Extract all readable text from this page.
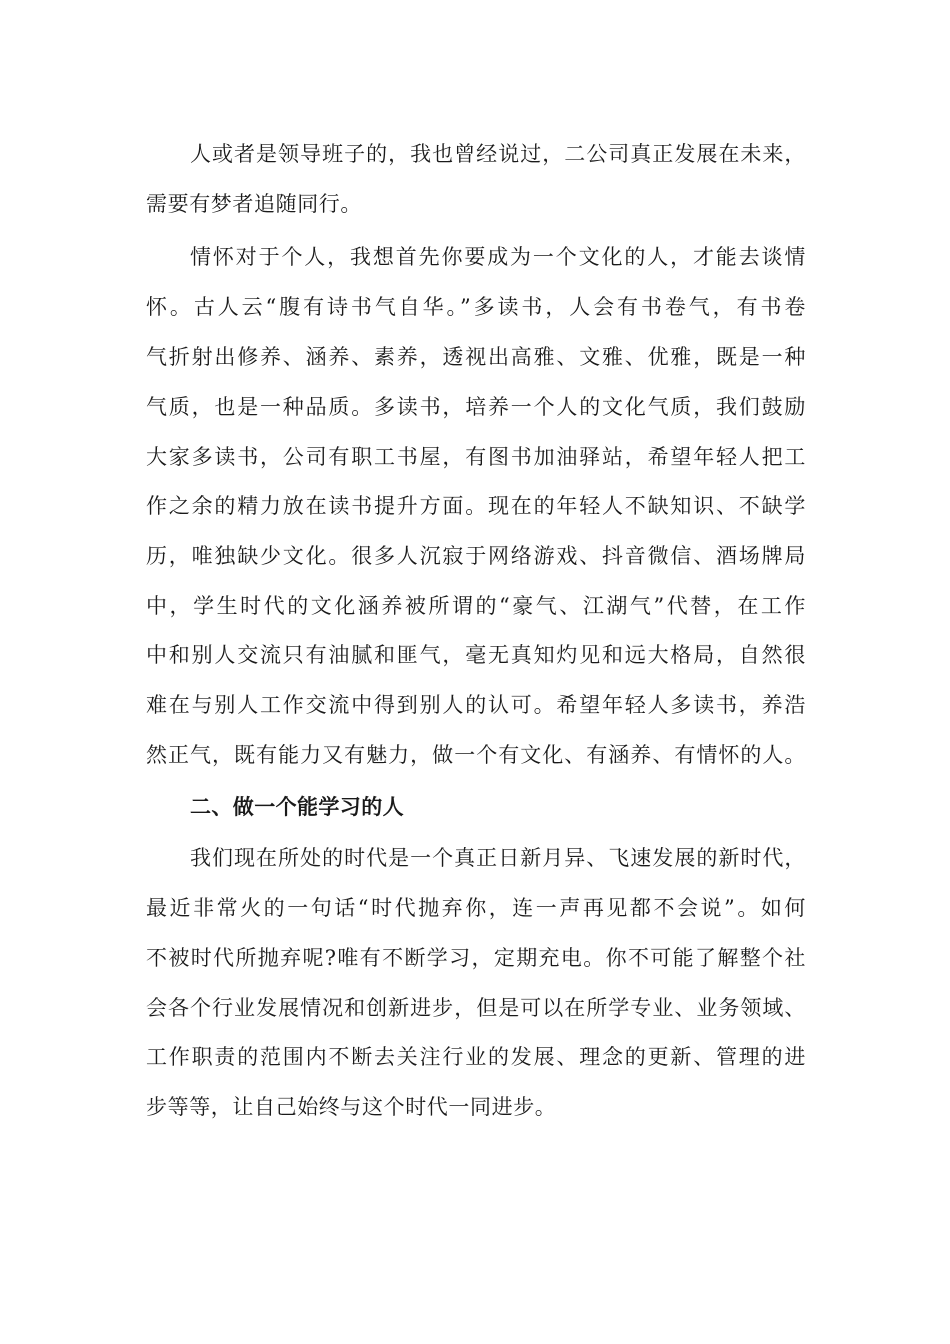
人或者是领导班子的，我也曾经说过，二公司真正发展在未来，
需要有梦者追随同行。
情怀对于个人，我想首先你要成为一个文化的人，才能去谈情
怀。古人云“腹有诗书气自华。”多读书，人会有书卷气，有书卷
气折射出修养、涵养、素养，透视出高雅、文雅、优雅，既是一种
气质，也是一种品质。多读书，培养一个人的文化气质，我们鼓励
大家多读书，公司有职工书屋，有图书加油驿站，希望年轻人把工
作之余的精力放在读书提升方面。现在的年轻人不缺知识、不缺学
历，唯独缺少文化。很多人沉寂于网络游戏、抖音微信、酒场牌局
中，学生时代的文化涵养被所谓的“豪气、江湖气”代替，在工作
中和别人交流只有油腻和匪气，毫无真知灼见和远大格局，自然很
难在与别人工作交流中得到别人的认可。希望年轻人多读书，养浩
然正气，既有能力又有魅力，做一个有文化、有涵养、有情怀的人。
二、做一个能学习的人
我们现在所处的时代是一个真正日新月异、飞速发展的新时代，
最近非常火的一句话“时代抛弃你，连一声再见都不会说”。如何
不被时代所抛弃呢?唯有不断学习，定期充电。你不可能了解整个社
会各个行业发展情况和创新进步，但是可以在所学专业、业务领域、
工作职责的范围内不断去关注行业的发展、理念的更新、管理的进
步等等，让自己始终与这个时代一同进步。
